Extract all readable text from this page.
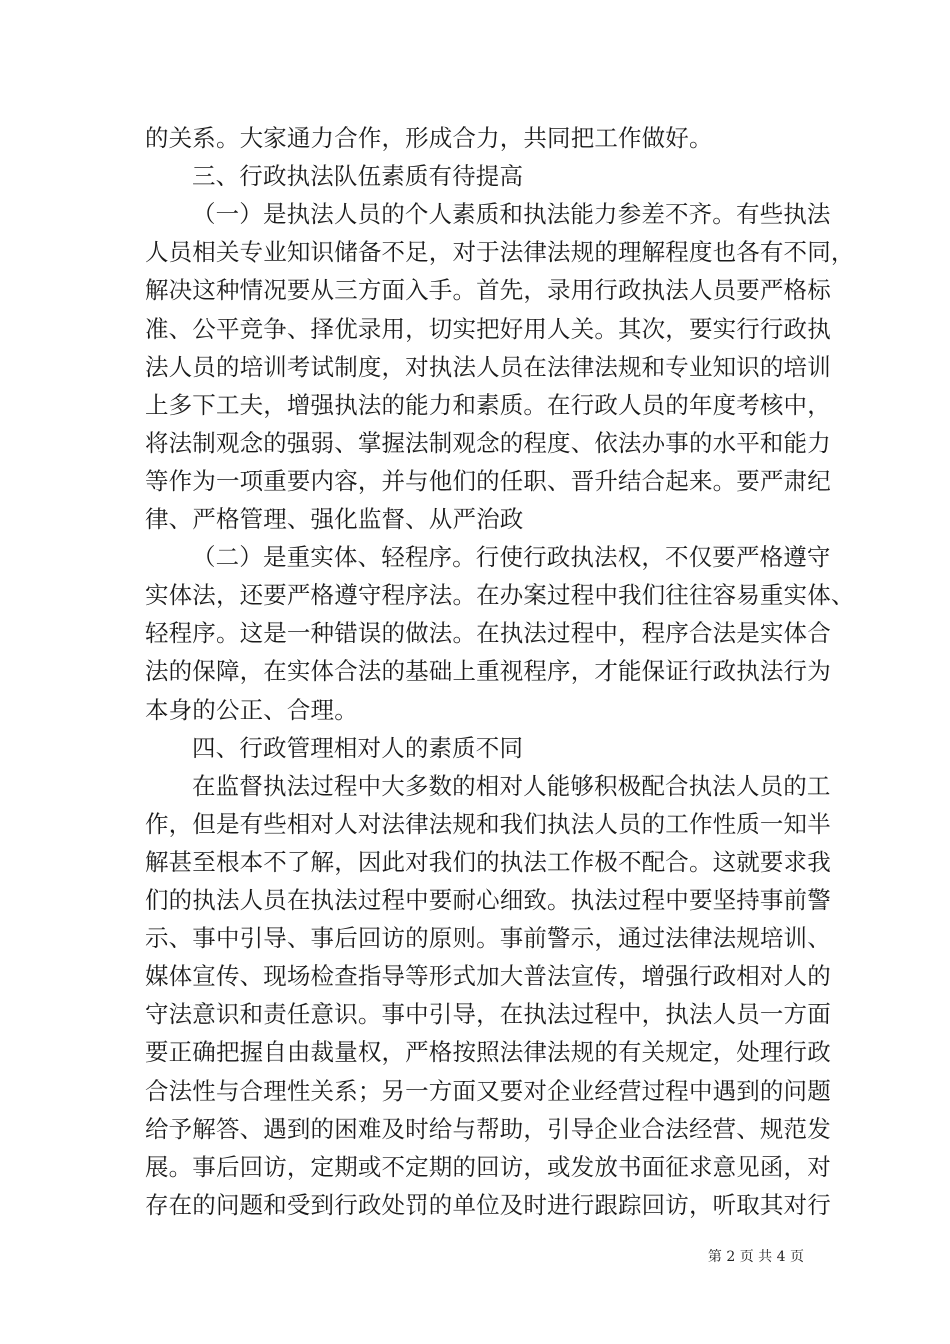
的关系。大家通力合作，形成合力，共同把工作做好。
三、行政执法队伍素质有待提高
（一）是执法人员的个人素质和执法能力参差不齐。有些执法
人员相关专业知识储备不足，对于法律法规的理解程度也各有不同，
解决这种情况要从三方面入手。首先，录用行政执法人员要严格标
准、公平竞争、择优录用，切实把好用人关。其次，要实行行政执
法人员的培训考试制度，对执法人员在法律法规和专业知识的培训
上多下工夫，增强执法的能力和素质。在行政人员的年度考核中，
将法制观念的强弱、掌握法制观念的程度、依法办事的水平和能力
等作为一项重要内容，并与他们的任职、晋升结合起来。要严肃纪
律、严格管理、强化监督、从严治政
（二）是重实体、轻程序。行使行政执法权，不仅要严格遵守
实体法，还要严格遵守程序法。在办案过程中我们往往容易重实体、
轻程序。这是一种错误的做法。在执法过程中，程序合法是实体合
法的保障，在实体合法的基础上重视程序，才能保证行政执法行为
本身的公正、合理。
四、行政管理相对人的素质不同
在监督执法过程中大多数的相对人能够积极配合执法人员的工
作，但是有些相对人对法律法规和我们执法人员的工作性质一知半
解甚至根本不了解，因此对我们的执法工作极不配合。这就要求我
们的执法人员在执法过程中要耐心细致。执法过程中要坚持事前警
示、事中引导、事后回访的原则。事前警示，通过法律法规培训、
媒体宣传、现场检查指导等形式加大普法宣传，增强行政相对人的
守法意识和责任意识。事中引导，在执法过程中，执法人员一方面
要正确把握自由裁量权，严格按照法律法规的有关规定，处理行政
合法性与合理性关系；另一方面又要对企业经营过程中遇到的问题
给予解答、遇到的困难及时给与帮助，引导企业合法经营、规范发
展。事后回访，定期或不定期的回访，或发放书面征求意见函，对
存在的问题和受到行政处罚的单位及时进行跟踪回访，听取其对行
第 2 页 共 4 页
